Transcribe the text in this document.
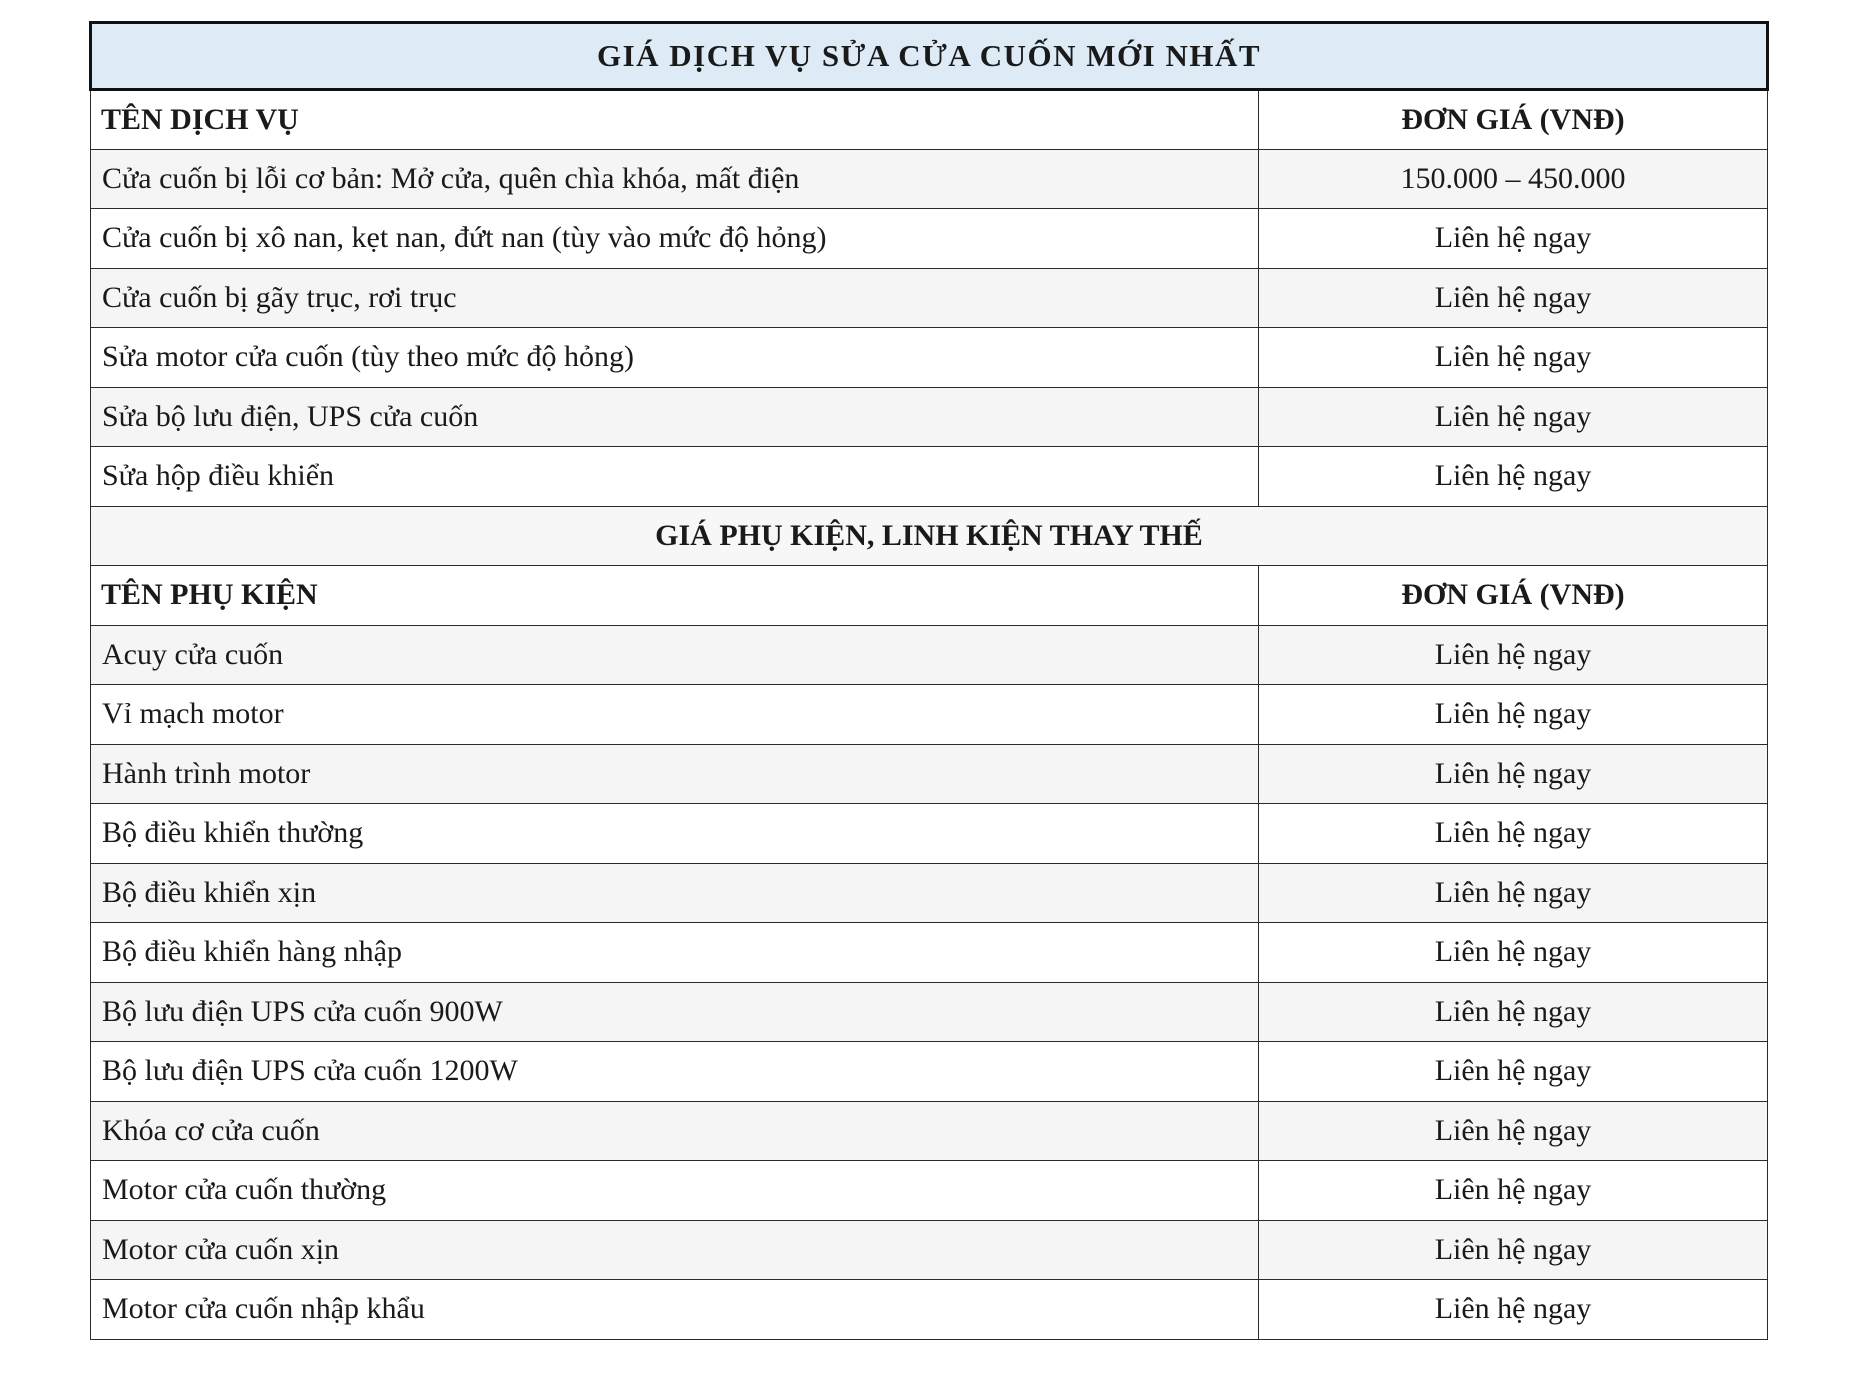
GIÁ DỊCH VỤ SỬA CỬA CUỐN MỚI NHẤT	
TÊN DỊCH VỤ	ĐƠN GIÁ (VNĐ)
Cửa cuốn bị lỗi cơ bản: Mở cửa, quên chìa khóa, mất điện	150.000 – 450.000
Cửa cuốn bị xô nan, kẹt nan, đứt nan (tùy vào mức độ hỏng)	Liên hệ ngay
Cửa cuốn bị gãy trục, rơi trục	Liên hệ ngay
Sửa motor cửa cuốn (tùy theo mức độ hỏng)	Liên hệ ngay
Sửa bộ lưu điện, UPS cửa cuốn	Liên hệ ngay
Sửa hộp điều khiển	Liên hệ ngay
GIÁ PHỤ KIỆN, LINH KIỆN THAY THẾ	
TÊN PHỤ KIỆN	ĐƠN GIÁ (VNĐ)
Acuy cửa cuốn	Liên hệ ngay
Vỉ mạch motor	Liên hệ ngay
Hành trình motor	Liên hệ ngay
Bộ điều khiển thường	Liên hệ ngay
Bộ điều khiển xịn	Liên hệ ngay
Bộ điều khiển hàng nhập	Liên hệ ngay
Bộ lưu điện UPS cửa cuốn 900W	Liên hệ ngay
Bộ lưu điện UPS cửa cuốn 1200W	Liên hệ ngay
Khóa cơ cửa cuốn	Liên hệ ngay
Motor cửa cuốn thường	Liên hệ ngay
Motor cửa cuốn xịn	Liên hệ ngay
Motor cửa cuốn nhập khẩu	Liên hệ ngay
